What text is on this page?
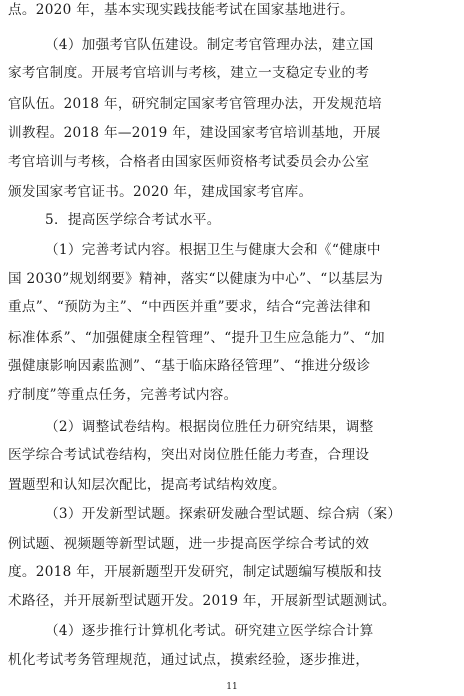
点。2020 年，基本实现实践技能考试在国家基地进行。
（4）加强考官队伍建设。制定考官管理办法，建立国
家考官制度。开展考官培训与考核，建立一支稳定专业的考
官队伍。2018 年，研究制定国家考官管理办法，开发规范培
训教程。2018 年—2019 年，建设国家考官培训基地，开展
考官培训与考核，合格者由国家医师资格考试委员会办公室
颁发国家考官证书。2020 年，建成国家考官库。
5．提高医学综合考试水平。
（1）完善考试内容。根据卫生与健康大会和《“健康中
国 2030”规划纲要》精神，落实“以健康为中心”、“以基层为
重点”、“预防为主”、“中西医并重”要求，结合“完善法律和
标准体系”、“加强健康全程管理”、“提升卫生应急能力”、“加
强健康影响因素监测”、“基于临床路径管理”、“推进分级诊
疗制度”等重点任务，完善考试内容。
（2）调整试卷结构。根据岗位胜任力研究结果，调整
医学综合考试试卷结构，突出对岗位胜任能力考查，合理设
置题型和认知层次配比，提高考试结构效度。
（3）开发新型试题。探索研发融合型试题、综合病（案）
例试题、视频题等新型试题，进一步提高医学综合考试的效
度。2018 年，开展新题型开发研究，制定试题编写模版和技
术路径，并开展新型试题开发。2019 年，开展新型试题测试。
（4）逐步推行计算机化考试。研究建立医学综合计算
机化考试考务管理规范，通过试点，摸索经验，逐步推进，
11
